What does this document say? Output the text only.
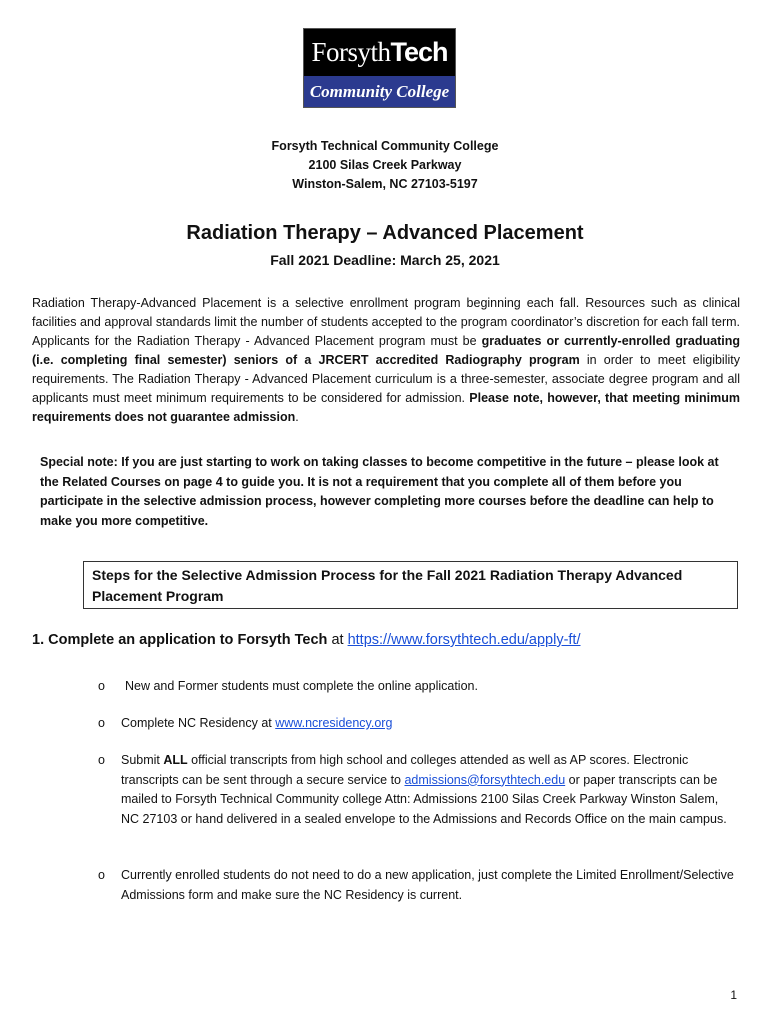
ForsythTech
Community College
Forsyth Technical Community College
2100 Silas Creek Parkway
Winston-Salem, NC 27103-5197
Radiation Therapy – Advanced Placement
Fall 2021 Deadline: March 25, 2021

Radiation Therapy-Advanced Placement is a selective enrollment program beginning each fall. Resources such as clinical facilities and approval standards limit the number of students accepted to the program coordinator’s discretion for each fall term. Applicants for the Radiation Therapy - Advanced Placement program must be graduates or currently-enrolled graduating (i.e. completing final semester) seniors of a JRCERT accredited Radiography program in order to meet eligibility requirements. The Radiation Therapy - Advanced Placement curriculum is a three-semester, associate degree program and all applicants must meet minimum requirements to be considered for admission. Please note, however, that meeting minimum requirements does not guarantee admission.

Special note: If you are just starting to work on taking classes to become competitive in the future – please look at the Related Courses on page 4 to guide you. It is not a requirement that you complete all of them before you participate in the selective admission process, however completing more courses before the deadline can help to make you more competitive.

Steps for the Selective Admission Process for the Fall 2021 Radiation Therapy Advanced Placement Program
1. Complete an application to Forsyth Tech at https://www.forsythtech.edu/apply-ft/
o New and Former students must complete the online application.
o Complete NC Residency at www.ncresidency.org
o Submit ALL official transcripts from high school and colleges attended as well as AP scores. Electronic transcripts can be sent through a secure service to admissions@forsythtech.edu or paper transcripts can be mailed to Forsyth Technical Community college Attn: Admissions 2100 Silas Creek Parkway Winston Salem, NC 27103 or hand delivered in a sealed envelope to the Admissions and Records Office on the main campus.
o Currently enrolled students do not need to do a new application, just complete the Limited Enrollment/Selective Admissions form and make sure the NC Residency is current.
1
